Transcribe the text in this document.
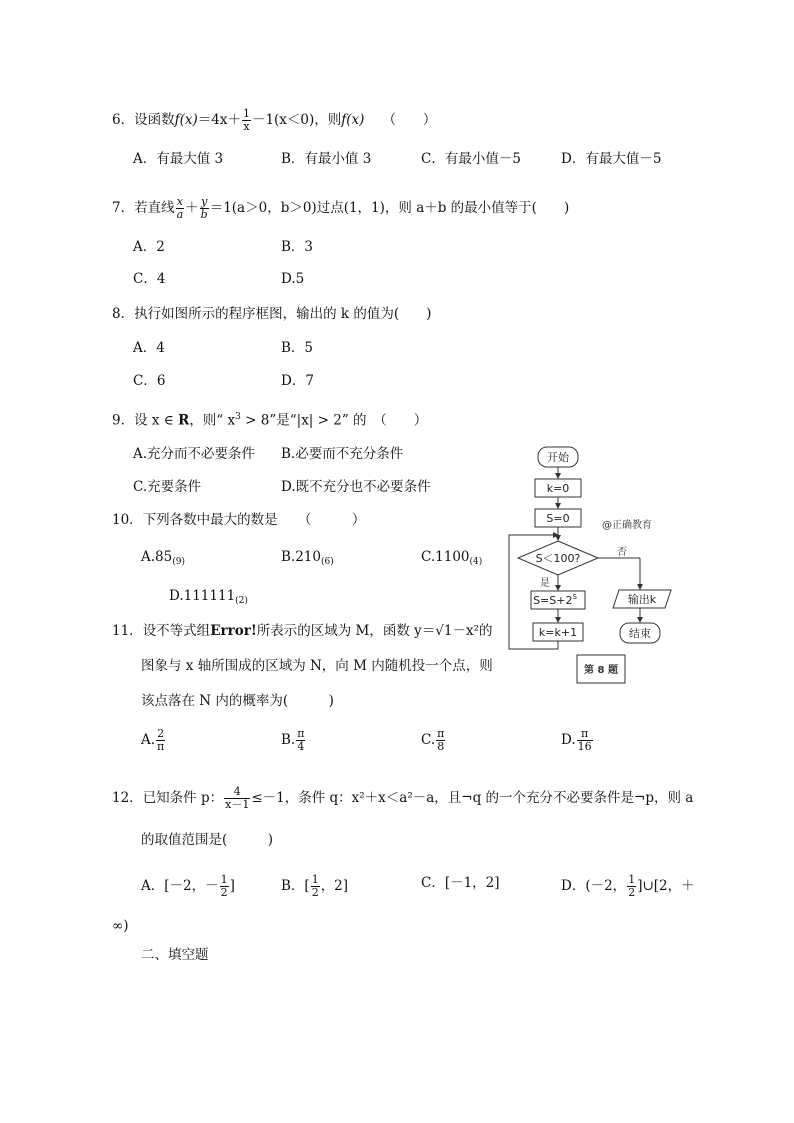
6．设函数$f(x)=4x+ \frac{1}{x} -1(x<0)$，则f(x) （　　）
A．有最大值 3	B．有最小值 3	C．有最小值－5	D．有最大值－5
7．若直线 $\frac{x}{a} + \frac{y}{b} =1(a>0$，b＞0)过点(1，1)，则 a＋b 的最小值等于(　　)
A．2	B．3
C．4	D.5
8．执行如图所示的程序框图，输出的 k 的值为(　　)
A．4	B．5
C．6	D．7
9．设 x ∈ R，则“ $x^3 > 8$”是“|x| > 2” 的　（　　）
A.充分而不必要条件 B.必要而不充分条件
C.充要条件	D.既不充分也不必要条件
10．下列各数中最大的数是　　（　　　）
$A.85_{(9)}$	$B.210_{(6)}$	$C.1100_{(4)}$
$D.111111_{(2)}$
11．设不等式组Error!所表示的区域为 M，函数 y＝√1－x²的
图象与 x 轴所围成的区域为 N，向 M 内随机投一个点，则
该点落在 N 内的概率为(　　　)
A. $\frac{2}{\pi}$	B. $\frac{\pi}{4}$	C. $\frac{\pi}{8}$	D. $\frac{\pi}{16}$
12．已知条件 p： $\frac{4}{x-1} \le-1$，条件 q：x²＋x＜a²－a，且¬q 的一个充分不必要条件是¬p，则 a
的取值范围是(　　　)
A．[－2，－ $\frac{1}{2}$ ]	B．[ $\frac{1}{2}$ ，2]	C．[－1，2]	D．(－2， $\frac{1}{2}$ ]∪[2，＋
∞)
二、填空题
开始
k=0
S=0
@正确教育
S＜100?	否
是
$S=S+2^S$
k=k+1
输出k
结束
第 8 题
